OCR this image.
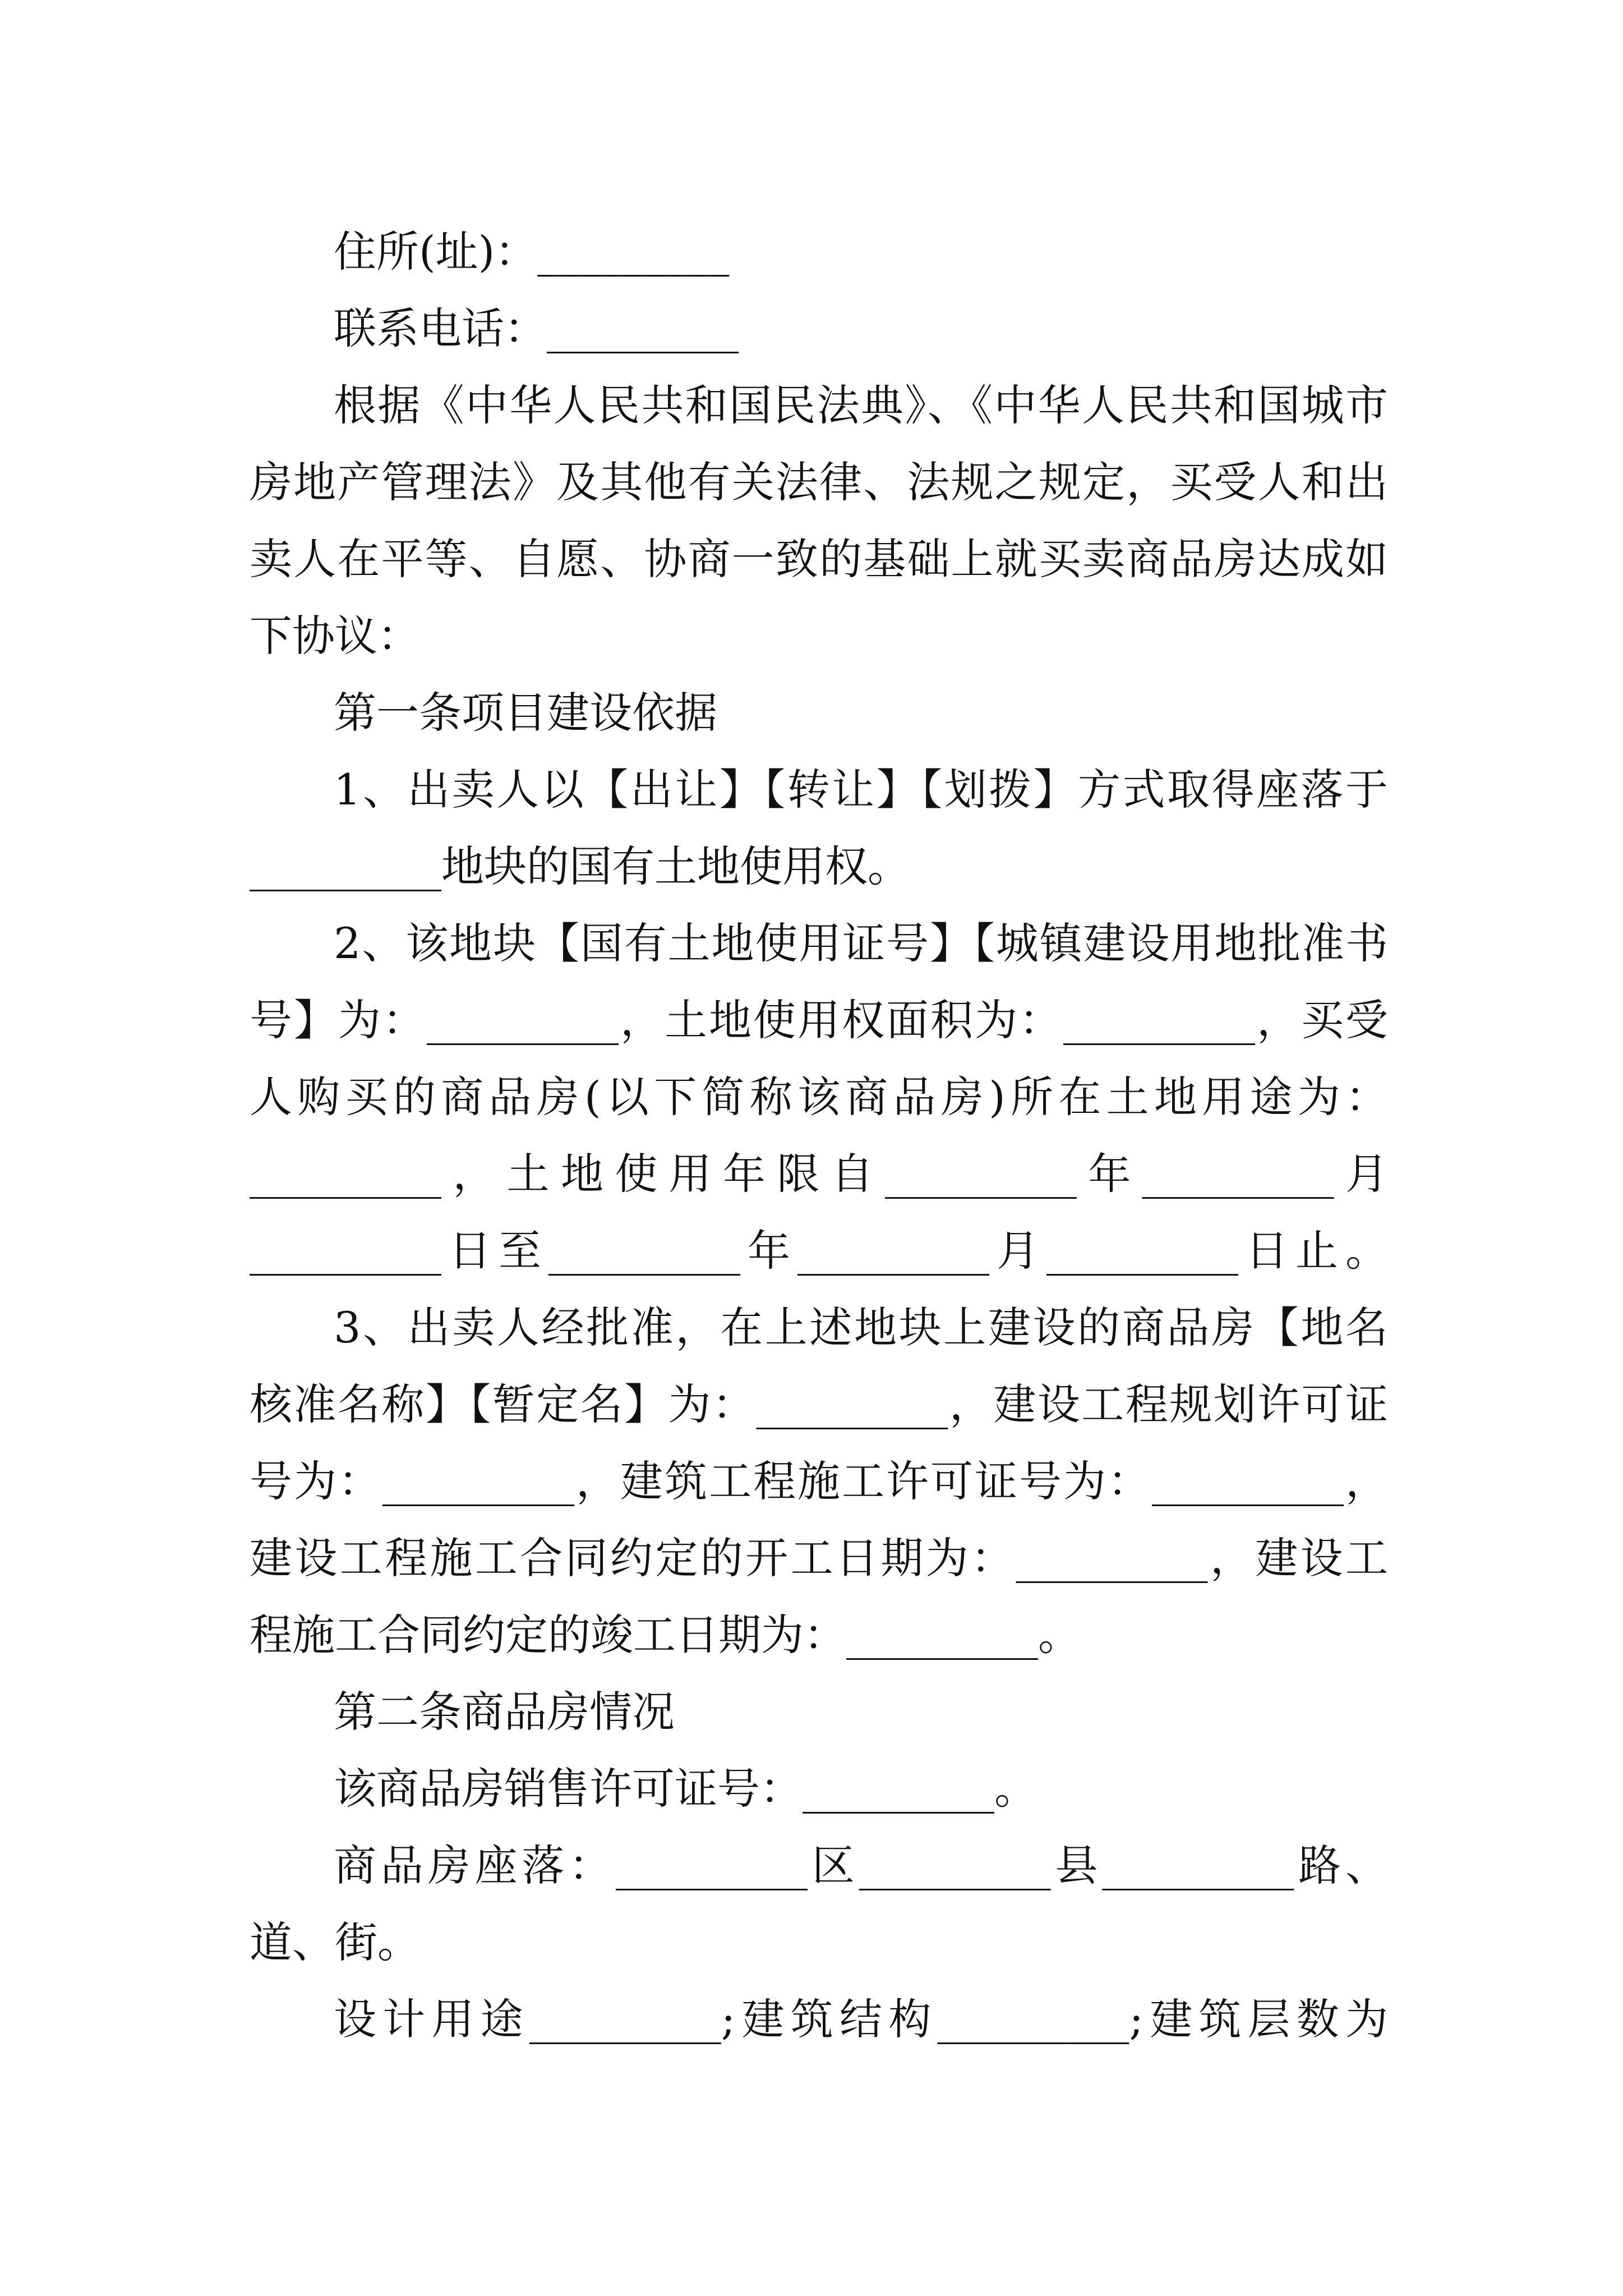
住所(址)：_________
联系电话：_________
根据《中华人民共和国民法典》、《中华人民共和国城市
房地产管理法》及其他有关法律、法规之规定，买受人和出
卖人在平等、自愿、协商一致的基础上就买卖商品房达成如
下协议：
第一条项目建设依据
1、出卖人以【出让】【转让】【划拨】方式取得座落于
_________地块的国有土地使用权。
2、该地块【国有土地使用证号】【城镇建设用地批准书
号】为：_________，土地使用权面积为：_________，买受
人购买的商品房(以下简称该商品房)所在土地用途为：
_________，土地使用年限自_________年_________月
_________日至_________年_________月_________日止。
3、出卖人经批准，在上述地块上建设的商品房【地名
核准名称】【暂定名】为：_________，建设工程规划许可证
号为：_________，建筑工程施工许可证号为：_________，
建设工程施工合同约定的开工日期为：_________，建设工
程施工合同约定的竣工日期为：_________。
第二条商品房情况
该商品房销售许可证号：_________。
商品房座落：_________区_________县_________路、
道、街。
设计用途_________;建筑结构_________;建筑层数为
